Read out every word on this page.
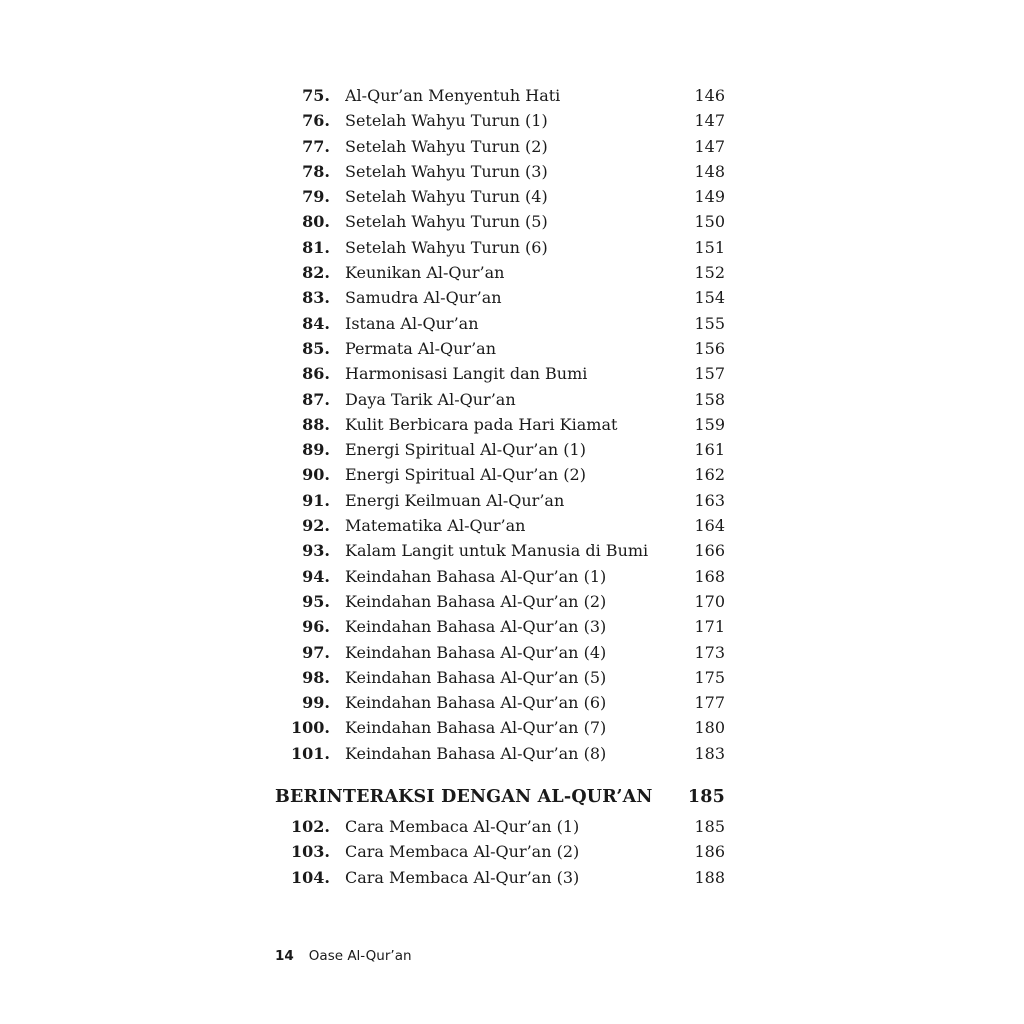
75. Al-Qur’an Menyentuh Hati	146
76. Setelah Wahyu Turun (1)	147
77. Setelah Wahyu Turun (2)	147
78. Setelah Wahyu Turun (3)	148
79. Setelah Wahyu Turun (4)	149
80. Setelah Wahyu Turun (5)	150
81. Setelah Wahyu Turun (6)	151
82. Keunikan Al-Qur’an	152
83. Samudra Al-Qur’an	154
84. Istana Al-Qur’an	155
85. Permata Al-Qur’an	156
86. Harmonisasi Langit dan Bumi	157
87. Daya Tarik Al-Qur’an	158
88. Kulit Berbicara pada Hari Kiamat	159
89. Energi Spiritual Al-Qur’an (1)	161
90. Energi Spiritual Al-Qur’an (2)	162
91. Energi Keilmuan Al-Qur’an	163
92. Matematika Al-Qur’an	164
93. Kalam Langit untuk Manusia di Bumi	166
94. Keindahan Bahasa Al-Qur’an (1)	168
95. Keindahan Bahasa Al-Qur’an (2)	170
96. Keindahan Bahasa Al-Qur’an (3)	171
97. Keindahan Bahasa Al-Qur’an (4)	173
98. Keindahan Bahasa Al-Qur’an (5)	175
99. Keindahan Bahasa Al-Qur’an (6)	177
100. Keindahan Bahasa Al-Qur’an (7)	180
101. Keindahan Bahasa Al-Qur’an (8)	183
BERINTERAKSI DENGAN AL-QUR’AN	185
102. Cara Membaca Al-Qur’an (1)	185
103. Cara Membaca Al-Qur’an (2)	186
104. Cara Membaca Al-Qur’an (3)	188
14 Oase Al-Qur’an
